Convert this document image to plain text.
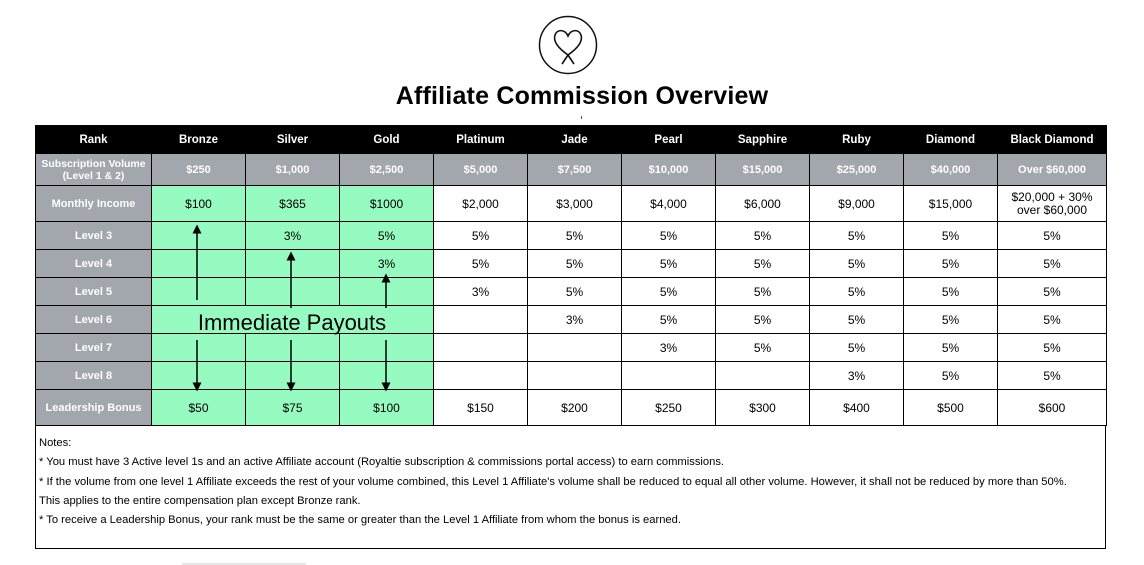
Affiliate Commission Overview
Rank	Bronze	Silver	Gold	Platinum	Jade	Pearl	Sapphire	Ruby	Diamond	Black Diamond

Subscription Volume
(Level 1 & 2)	$250	$1,000	$2,500	$5,000	$7,500	$10,000	$15,000	$25,000	$40,000	Over $60,000
Monthly Income	$100	$365	$1000	$2,000	$3,000	$4,000	$6,000	$9,000	$15,000	$20,000 + 30%
over $60,000

Level 3		3%	5%	5%	5%	5%	5%	5%	5%	5%
Level 4			3%	5%	5%	5%	5%	5%	5%	5%
Level 5				3%	5%	5%	5%	5%	5%	5%
Level 6					3%	5%	5%	5%	5%	5%
Level 7						3%	5%	5%	5%	5%
Level 8								3%	5%	5%
Leadership Bonus	$50	$75	$100	$150	$200	$250	$300	$400	$500	$600
Immediate Payouts
Notes:
* You must have 3 Active level 1s and an active Affiliate account (Royaltie subscription & commissions portal access) to earn commissions.
* If the volume from one level 1 Affiliate exceeds the rest of your volume combined, this Level 1 Affiliate's volume shall be reduced to equal all other volume. However, it shall not be reduced by more than 50%.
This applies to the entire compensation plan except Bronze rank.
* To receive a Leadership Bonus, your rank must be the same or greater than the Level 1 Affiliate from whom the bonus is earned.
